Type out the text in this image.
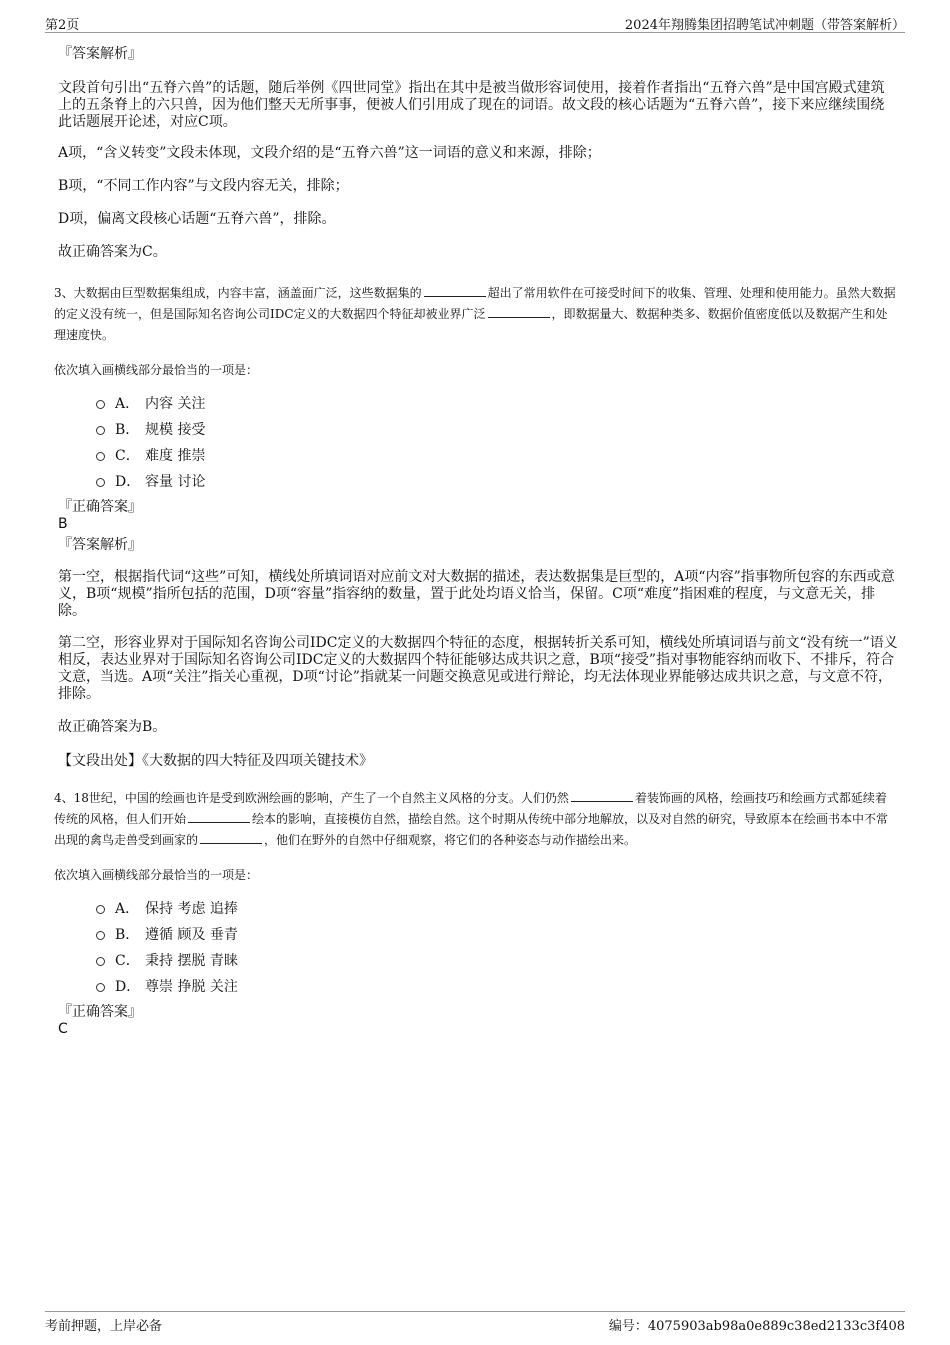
第2页	2024年翔腾集团招聘笔试冲刺题（带答案解析）
『答案解析』

文段首句引出“五脊六兽”的话题，随后举例《四世同堂》指出在其中是被当做形容词使用，接着作者指出“五脊六兽”是中国宫殿式建筑上的五条脊上的六只兽，因为他们整天无所事事，便被人们引用成了现在的词语。故文段的核心话题为“五脊六兽”，接下来应继续围绕此话题展开论述，对应C项。

A项，“含义转变”文段未体现，文段介绍的是“五脊六兽”这一词语的意义和来源，排除；

B项，“不同工作内容”与文段内容无关，排除；

D项，偏离文段核心话题“五脊六兽”，排除。

故正确答案为C。

3、大数据由巨型数据集组成，内容丰富，涵盖面广泛，这些数据集的	超出了常用软件在可接受时间下的收集、管理、处理和使用能力。虽然大数据的定义没有统一，但是国际知名咨询公司IDC定义的大数据四个特征却被业界广泛	，即数据量大、数据种类多、数据价值密度低以及数据产生和处理速度快。

依次填入画横线部分最恰当的一项是：

A． 内容 关注
B． 规模 接受
C． 难度 推崇
D． 容量 讨论
『正确答案』
B
『答案解析』

第一空，根据指代词“这些”可知，横线处所填词语对应前文对大数据的描述，表达数据集是巨型的，A项“内容”指事物所包容的东西或意义，B项“规模”指所包括的范围，D项“容量”指容纳的数量，置于此处均语义恰当，保留。C项“难度”指困难的程度，与文意无关，排除。

第二空，形容业界对于国际知名咨询公司IDC定义的大数据四个特征的态度，根据转折关系可知，横线处所填词语与前文“没有统一”语义相反，表达业界对于国际知名咨询公司IDC定义的大数据四个特征能够达成共识之意，B项“接受”指对事物能容纳而收下、不排斥，符合文意，当选。A项“关注”指关心重视，D项“讨论”指就某一问题交换意见或进行辩论，均无法体现业界能够达成共识之意，与文意不符，排除。

故正确答案为B。

【文段出处】《大数据的四大特征及四项关键技术》

4、18世纪，中国的绘画也许是受到欧洲绘画的影响，产生了一个自然主义风格的分支。人们仍然	着装饰画的风格，绘画技巧和绘画方式都延续着传统的风格，但人们开始	绘本的影响，直接模仿自然，描绘自然。这个时期从传统中部分地解放，以及对自然的研究，导致原本在绘画书本中不常出现的禽鸟走兽受到画家的	，他们在野外的自然中仔细观察，将它们的各种姿态与动作描绘出来。

依次填入画横线部分最恰当的一项是：

A． 保持 考虑 追捧
B． 遵循 顾及 垂青
C． 秉持 摆脱 青睐
D． 尊崇 挣脱 关注
『正确答案』
C
考前押题，上岸必备	编号：4075903ab98a0e889c38ed2133c3f408
